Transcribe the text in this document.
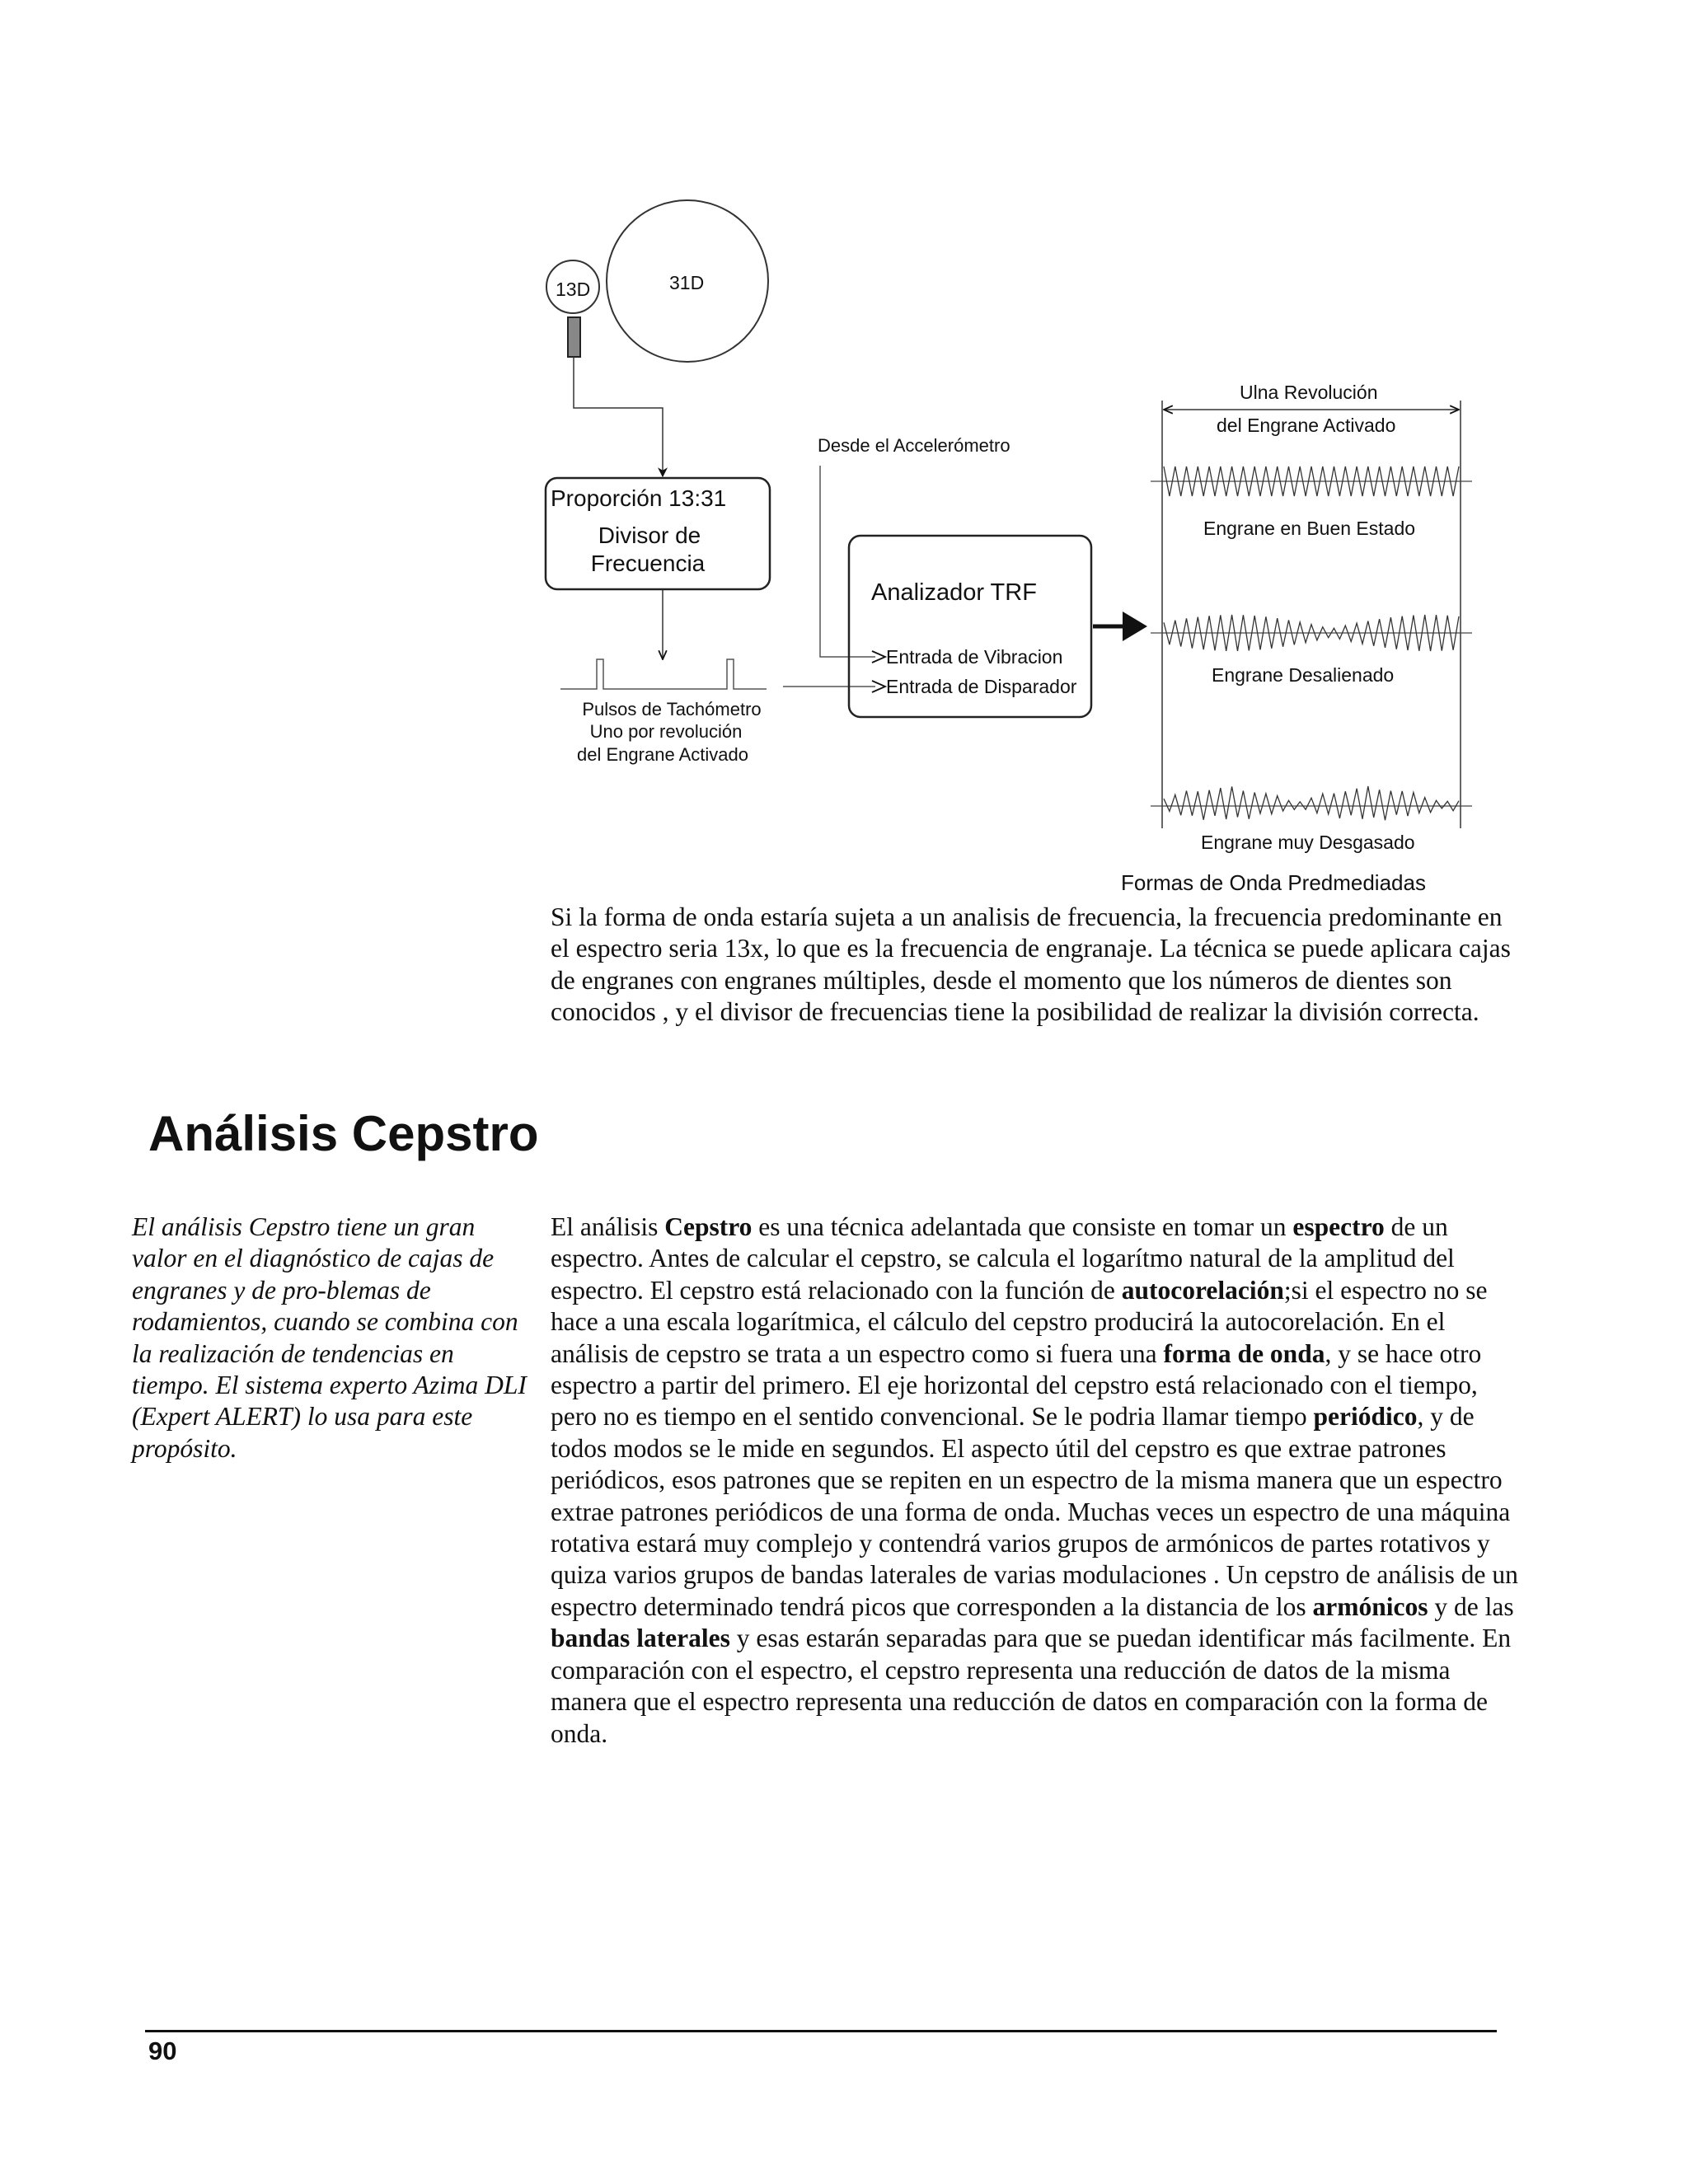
13D	31D
Proporción 13:31
Divisor de
Frecuencia
Pulsos de Tachómetro
Uno por revolución
del Engrane Activado
Desde el Accelerómetro
Analizador TRF
Entrada de Vibracion
Entrada de Disparador
Ulna Revolución
del Engrane Activado
Engrane en Buen Estado
Engrane Desalienado
Engrane muy Desgasado
Formas de Onda Predmediadas

Si la forma de onda estaría sujeta a un analisis de frecuencia, la frecuencia predominante en el espectro seria 13x, lo que es la frecuencia de engranaje. La técnica se puede aplicara cajas de engranes con engranes múltiples, desde el momento que los números de dientes son conocidos , y el divisor de frecuencias tiene la posibilidad de realizar la división correcta.

Análisis Cepstro

El análisis Cepstro tiene un gran valor en el diagnóstico de cajas de engranes y de pro-blemas de rodamientos, cuando se combina con la realización de tendencias en tiempo. El sistema experto Azima DLI (Expert ALERT) lo usa para este propósito.

El análisis Cepstro es una técnica adelantada que consiste en tomar un espectro de un espectro. Antes de calcular el cepstro, se calcula el logarítmo natural de la amplitud del espectro. El cepstro está relacionado con la función de autocorelación;si el espectro no se hace a una escala logarítmica, el cálculo del cepstro producirá la autocorelación. En el análisis de cepstro se trata a un espectro como si fuera una forma de onda, y se hace otro espectro a partir del primero. El eje horizontal del cepstro está relacionado con el tiempo, pero no es tiempo en el sentido convencional. Se le podria llamar tiempo periódico, y de todos modos se le mide en segundos. El aspecto útil del cepstro es que extrae patrones periódicos, esos patrones que se repiten en un espectro de la misma manera que un espectro extrae patrones periódicos de una forma de onda. Muchas veces un espectro de una máquina rotativa estará muy complejo y contendrá varios grupos de armónicos de partes rotativos y quiza varios grupos de bandas laterales de varias modulaciones . Un cepstro de análisis de un espectro determinado tendrá picos que corresponden a la distancia de los armónicos y de las bandas laterales y esas estarán separadas para que se puedan identificar más facilmente. En comparación con el espectro, el cepstro representa una reducción de datos de la misma manera que el espectro representa una reducción de datos en comparación con la forma de onda.

90
